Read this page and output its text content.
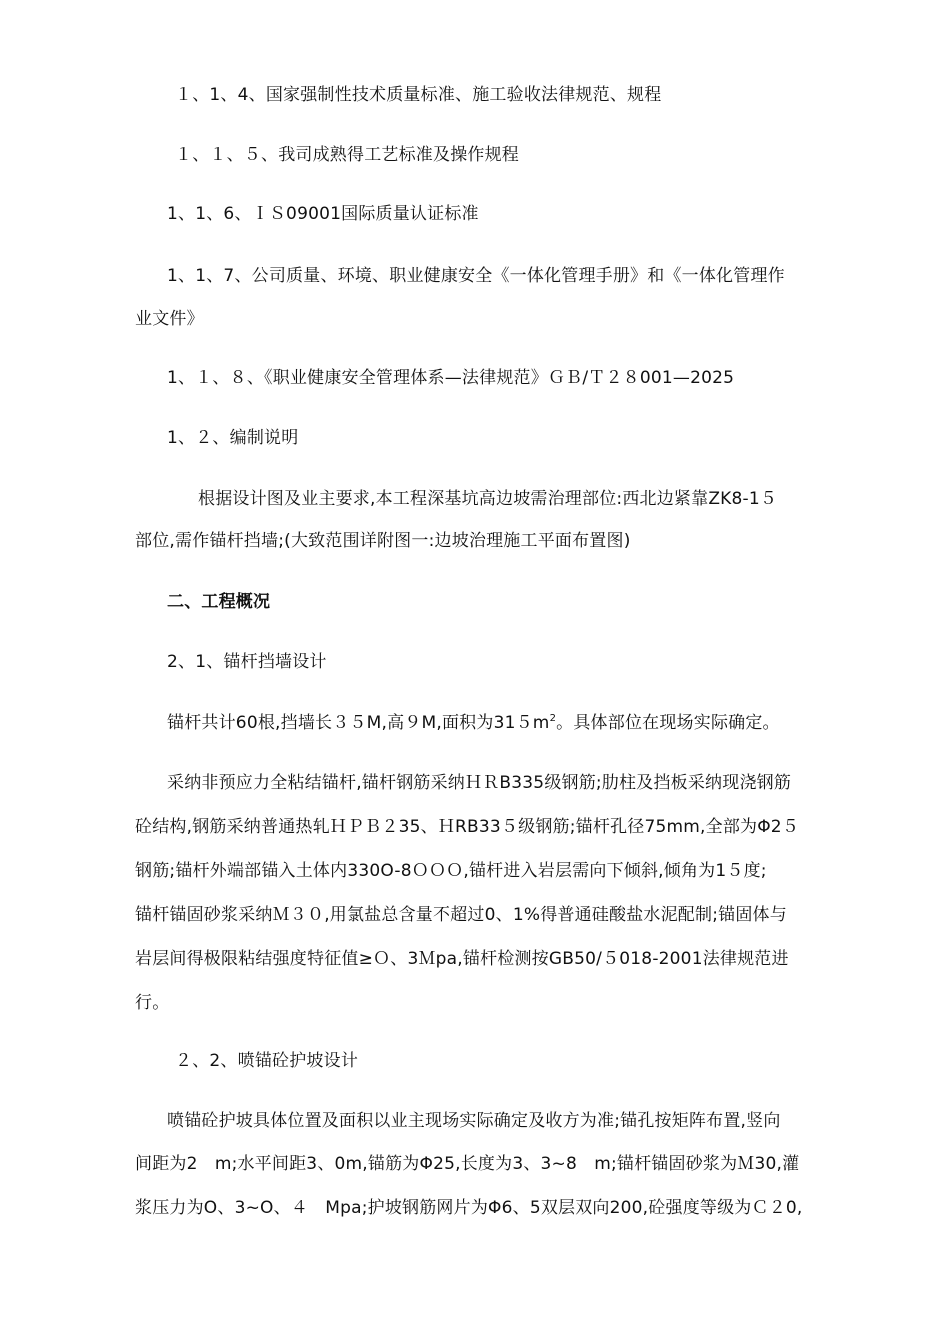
１、1、4、国家强制性技术质量标准、施工验收法律规范、规程
１、１、５、我司成熟得工艺标准及操作规程
1、1、6、ＩＳ09001国际质量认证标准
1、1、7、公司质量、环境、职业健康安全《一体化管理手册》和《一体化管理作
业文件》
1、１、８、《职业健康安全管理体系—法律规范》ＧＢ/Ｔ２８001—2025
1、２、编制说明
根据设计图及业主要求,本工程深基坑高边坡需治理部位:西北边紧靠ZK8-1５
部位,需作锚杆挡墙;(大致范围详附图一:边坡治理施工平面布置图)
二、工程概况
2、1、锚杆挡墙设计
锚杆共计60根,挡墙长３５M,高９M,面积为$315m^2$。具体部位在现场实际确定。
采纳非预应力全粘结锚杆,锚杆钢筋采纳ＨＲB335级钢筋;肋柱及挡板采纳现浇钢筋
砼结构,钢筋采纳普通热轧ＨＰＢ２35、ＨRB33５级钢筋;锚杆孔径75mm,全部为Φ2５
钢筋;锚杆外端部锚入土体内330O-8ＯＯＯ,锚杆进入岩层需向下倾斜,倾角为1５度;
锚杆锚固砂浆采纳Ｍ３０,用氯盐总含量不超过0、1%得普通硅酸盐水泥配制;锚固体与
岩层间得极限粘结强度特征值≥Ｏ、3Ｍpa,锚杆检测按GB50/５018-2001法律规范进
行。
２、2、喷锚砼护坡设计
喷锚砼护坡具体位置及面积以业主现场实际确定及收方为准;锚孔按矩阵布置,竖向
间距为2　m;水平间距3、0m,锚筋为Φ25,长度为3、3~8　m;锚杆锚固砂浆为Ｍ30,灌
浆压力为O、3~O、４　Mpa;护坡钢筋网片为Φ6、5双层双向200,砼强度等级为Ｃ２0,
